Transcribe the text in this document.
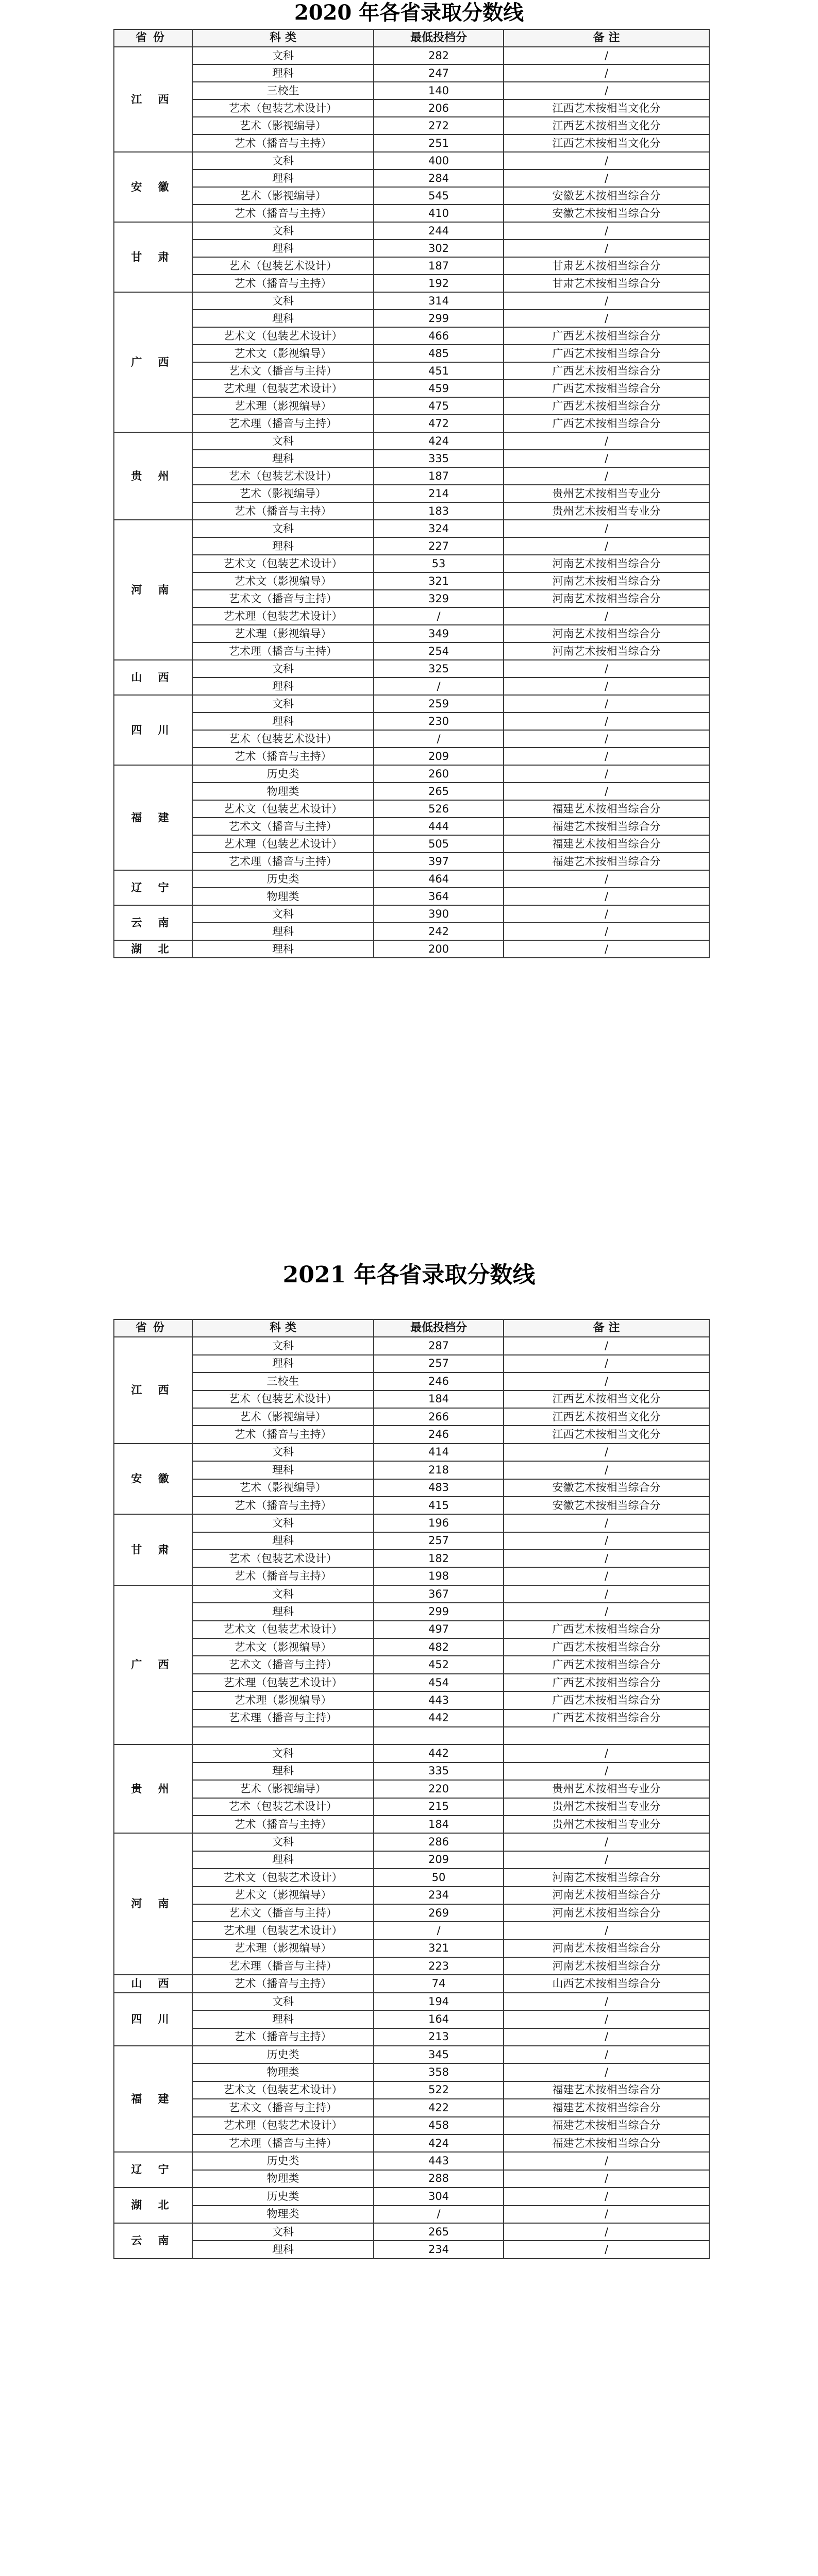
2020 年各省录取分数线
省份	科 类	最低投档分	备 注
江 西	文科	282	/
	理科	247	/
	三校生	140	/
	艺术（包装艺术设计）	206	江西艺术按相当文化分
	艺术（影视编导）	272	江西艺术按相当文化分
	艺术（播音与主持）	251	江西艺术按相当文化分
安 徽	文科	400	/
	理科	284	/
	艺术（影视编导）	545	安徽艺术按相当综合分
	艺术（播音与主持）	410	安徽艺术按相当综合分
甘 肃	文科	244	/
	理科	302	/
	艺术（包装艺术设计）	187	甘肃艺术按相当综合分
	艺术（播音与主持）	192	甘肃艺术按相当综合分
广 西	文科	314	/
	理科	299	/
	艺术文（包装艺术设计）	466	广西艺术按相当综合分
	艺术文（影视编导）	485	广西艺术按相当综合分
	艺术文（播音与主持）	451	广西艺术按相当综合分
	艺术理（包装艺术设计）	459	广西艺术按相当综合分
	艺术理（影视编导）	475	广西艺术按相当综合分
	艺术理（播音与主持）	472	广西艺术按相当综合分
贵 州	文科	424	/
	理科	335	/
	艺术（包装艺术设计）	187	/
	艺术（影视编导）	214	贵州艺术按相当专业分
	艺术（播音与主持）	183	贵州艺术按相当专业分
河 南	文科	324	/
	理科	227	/
	艺术文（包装艺术设计）	53	河南艺术按相当综合分
	艺术文（影视编导）	321	河南艺术按相当综合分
	艺术文（播音与主持）	329	河南艺术按相当综合分
	艺术理（包装艺术设计）	/	/
	艺术理（影视编导）	349	河南艺术按相当综合分
	艺术理（播音与主持）	254	河南艺术按相当综合分
山 西	文科	325	/
	理科	/	/
四 川	文科	259	/
	理科	230	/
	艺术（包装艺术设计）	/	/
	艺术（播音与主持）	209	/
福 建	历史类	260	/
	物理类	265	/
	艺术文（包装艺术设计）	526	福建艺术按相当综合分
	艺术文（播音与主持）	444	福建艺术按相当综合分
	艺术理（包装艺术设计）	505	福建艺术按相当综合分
	艺术理（播音与主持）	397	福建艺术按相当综合分
辽 宁	历史类	464	/
	物理类	364	/
云 南	文科	390	/
	理科	242	/
湖 北	理科	200	/
2021 年各省录取分数线
省份	科 类	最低投档分	备 注
江 西	文科	287	/
	理科	257	/
	三校生	246	/
	艺术（包装艺术设计）	184	江西艺术按相当文化分
	艺术（影视编导）	266	江西艺术按相当文化分
	艺术（播音与主持）	246	江西艺术按相当文化分
安 徽	文科	414	/
	理科	218	/
	艺术（影视编导）	483	安徽艺术按相当综合分
	艺术（播音与主持）	415	安徽艺术按相当综合分
甘 肃	文科	196	/
	理科	257	/
	艺术（包装艺术设计）	182	/
	艺术（播音与主持）	198	/
广 西	文科	367	/
	理科	299	/
	艺术文（包装艺术设计）	497	广西艺术按相当综合分
	艺术文（影视编导）	482	广西艺术按相当综合分
	艺术文（播音与主持）	452	广西艺术按相当综合分
	艺术理（包装艺术设计）	454	广西艺术按相当综合分
	艺术理（影视编导）	443	广西艺术按相当综合分
	艺术理（播音与主持）	442	广西艺术按相当综合分

贵 州	文科	442	/
	理科	335	/
	艺术（影视编导）	220	贵州艺术按相当专业分
	艺术（包装艺术设计）	215	贵州艺术按相当专业分
	艺术（播音与主持）	184	贵州艺术按相当专业分
河 南	文科	286	/
	理科	209	/
	艺术文（包装艺术设计）	50	河南艺术按相当综合分
	艺术文（影视编导）	234	河南艺术按相当综合分
	艺术文（播音与主持）	269	河南艺术按相当综合分
	艺术理（包装艺术设计）	/	/
	艺术理（影视编导）	321	河南艺术按相当综合分
	艺术理（播音与主持）	223	河南艺术按相当综合分
山 西	艺术（播音与主持）	74	山西艺术按相当综合分
四 川	文科	194	/
	理科	164	/
	艺术（播音与主持）	213	/
福 建	历史类	345	/
	物理类	358	/
	艺术文（包装艺术设计）	522	福建艺术按相当综合分
	艺术文（播音与主持）	422	福建艺术按相当综合分
	艺术理（包装艺术设计）	458	福建艺术按相当综合分
	艺术理（播音与主持）	424	福建艺术按相当综合分
辽 宁	历史类	443	/
	物理类	288	/
湖 北	历史类	304	/
	物理类	/	/
云 南	文科	265	/
	理科	234	/
